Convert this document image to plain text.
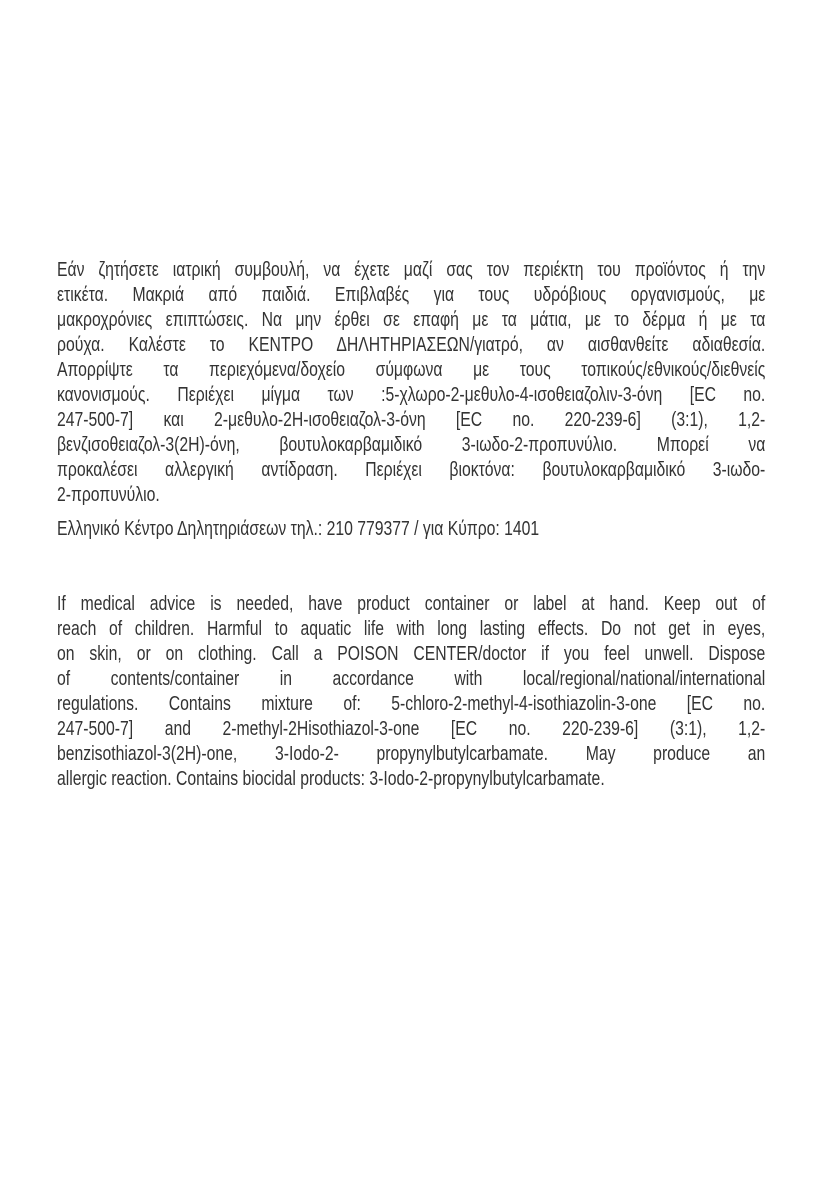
Εάν ζητήσετε ιατρική συμβουλή, να έχετε μαζί σας τον περιέκτη του προϊόντος ή την
ετικέτα. Μακριά από παιδιά. Επιβλαβές για τους υδρόβιους οργανισμούς, με
μακροχρόνιες επιπτώσεις. Να μην έρθει σε επαφή με τα μάτια, με το δέρμα ή με τα
ρούχα. Καλέστε το ΚΕΝΤΡΟ ΔΗΛΗΤΗΡΙΑΣΕΩΝ/γιατρό, αν αισθανθείτε αδιαθεσία.
Απορρίψτε τα περιεχόμενα/δοχείο σύμφωνα με τους τοπικούς/εθνικούς/διεθνείς
κανονισμούς. Περιέχει μίγμα των :5-χλωρο-2-μεθυλο-4-ισοθειαζολιν-3-όνη [EC no.
247-500-7] και 2-μεθυλο-2H-ισοθειαζολ-3-όνη [EC no. 220-239-6] (3:1), 1,2-
βενζισοθειαζολ-3(2H)-όνη, βουτυλοκαρβαμιδικό 3-ιωδο-2-προπυνύλιο. Μπορεί να
προκαλέσει αλλεργική αντίδραση. Περιέχει βιοκτόνα: βουτυλοκαρβαμιδικό 3-ιωδο-
2-προπυνύλιο.
Ελληνικό Κέντρο Δηλητηριάσεων τηλ.: 210 779377 / για Κύπρο: 1401
If medical advice is needed, have product container or label at hand. Keep out of
reach of children. Harmful to aquatic life with long lasting effects. Do not get in eyes,
on skin, or on clothing. Call a POISON CENTER/doctor if you feel unwell. Dispose
of contents/container in accordance with local/regional/national/international
regulations. Contains mixture of: 5-chloro-2-methyl-4-isothiazolin-3-one [EC no.
247-500-7] and 2-methyl-2Hisothiazol-3-one [EC no. 220-239-6] (3:1), 1,2-
benzisothiazol-3(2H)-one, 3-Iodo-2- propynylbutylcarbamate. May produce an
allergic reaction. Contains biocidal products: 3-Iodo-2-propynylbutylcarbamate.
